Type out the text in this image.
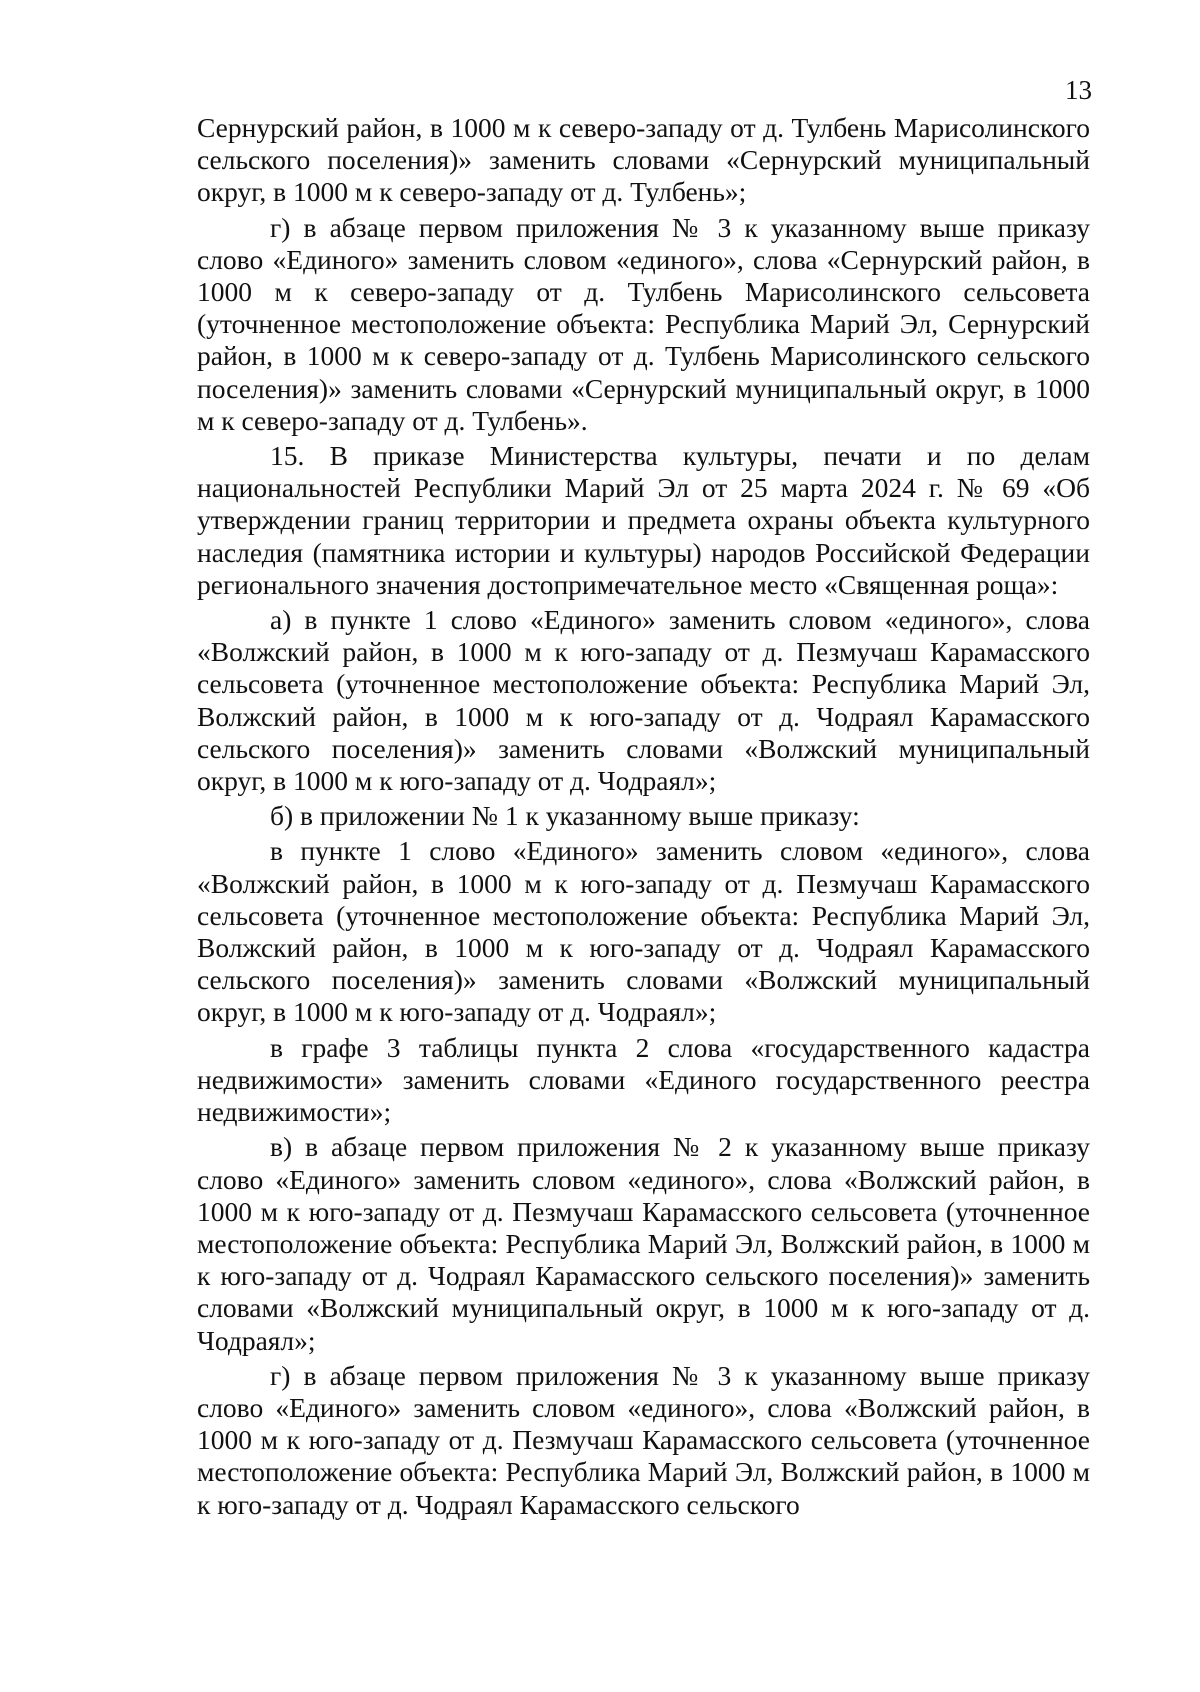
13

Сернурский район, в 1000 м к северо-западу от д. Тулбень Марисолинского сельского поселения)» заменить словами «Сернурский муниципальный округ, в 1000 м к северо-западу от д. Тулбень»;

г) в абзаце первом приложения № 3 к указанному выше приказу слово «Единого» заменить словом «единого», слова «Сернурский район, в 1000 м к северо-западу от д. Тулбень Марисолинского сельсовета (уточненное местоположение объекта: Республика Марий Эл, Сернурский район, в 1000 м к северо-западу от д. Тулбень Марисолинского сельского поселения)» заменить словами «Сернурский муниципальный округ, в 1000 м к северо-западу от д. Тулбень».

15. В приказе Министерства культуры, печати и по делам национальностей Республики Марий Эл от 25 марта 2024 г. № 69 «Об утверждении границ территории и предмета охраны объекта культурного наследия (памятника истории и культуры) народов Российской Федерации регионального значения достопримечательное место «Священная роща»:

а) в пункте 1 слово «Единого» заменить словом «единого», слова «Волжский район, в 1000 м к юго-западу от д. Пезмучаш Карамасского сельсовета (уточненное местоположение объекта: Республика Марий Эл, Волжский район, в 1000 м к юго-западу от д. Чодраял Карамасского сельского поселения)» заменить словами «Волжский муниципальный округ, в 1000 м к юго-западу от д. Чодраял»;

б) в приложении № 1 к указанному выше приказу:

в пункте 1 слово «Единого» заменить словом «единого», слова «Волжский район, в 1000 м к юго-западу от д. Пезмучаш Карамасского сельсовета (уточненное местоположение объекта: Республика Марий Эл, Волжский район, в 1000 м к юго-западу от д. Чодраял Карамасского сельского поселения)» заменить словами «Волжский муниципальный округ, в 1000 м к юго-западу от д. Чодраял»;

в графе 3 таблицы пункта 2 слова «государственного кадастра недвижимости» заменить словами «Единого государственного реестра недвижимости»;

в) в абзаце первом приложения № 2 к указанному выше приказу слово «Единого» заменить словом «единого», слова «Волжский район, в 1000 м к юго-западу от д. Пезмучаш Карамасского сельсовета (уточненное местоположение объекта: Республика Марий Эл, Волжский район, в 1000 м к юго-западу от д. Чодраял Карамасского сельского поселения)» заменить словами «Волжский муниципальный округ, в 1000 м к юго-западу от д. Чодраял»;

г) в абзаце первом приложения № 3 к указанному выше приказу слово «Единого» заменить словом «единого», слова «Волжский район, в 1000 м к юго-западу от д. Пезмучаш Карамасского сельсовета (уточненное местоположение объекта: Республика Марий Эл, Волжский район, в 1000 м к юго-западу от д. Чодраял Карамасского сельского
